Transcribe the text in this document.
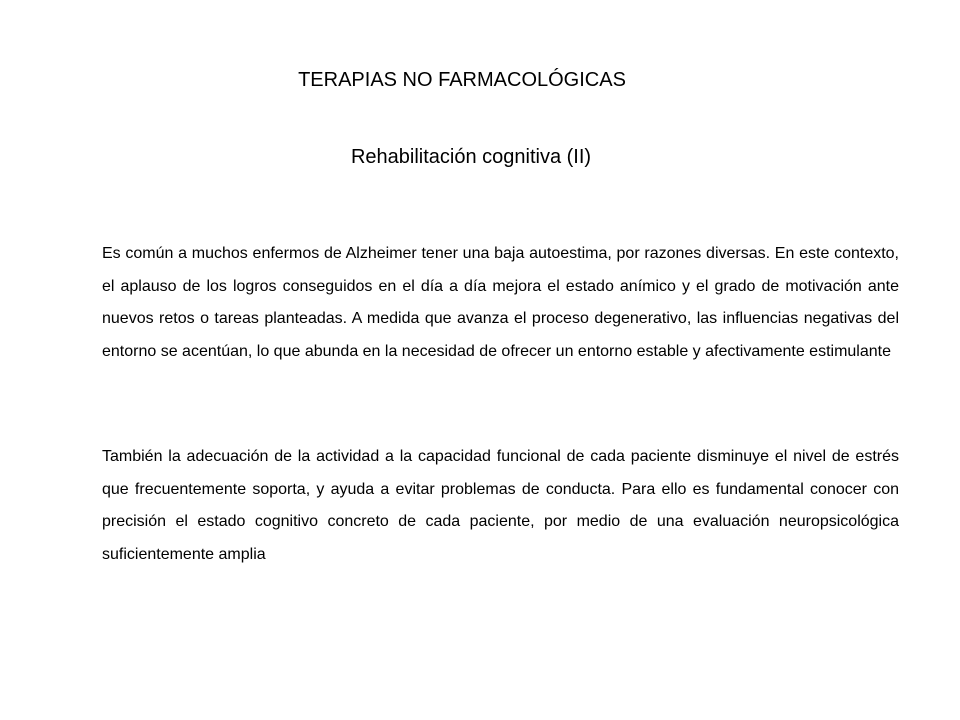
TERAPIAS NO FARMACOLÓGICAS
Rehabilitación cognitiva (II)

Es común a muchos enfermos de Alzheimer tener una baja autoestima, por razones diversas. En este contexto, el aplauso de los logros conseguidos en el día a día mejora el estado anímico y el grado de motivación ante nuevos retos o tareas planteadas. A medida que avanza el proceso degenerativo, las influencias negativas del entorno se acentúan, lo que abunda en la necesidad de ofrecer un entorno estable y afectivamente estimulante

También la adecuación de la actividad a la capacidad funcional de cada paciente disminuye el nivel de estrés que frecuentemente soporta, y ayuda a evitar problemas de conducta. Para ello es fundamental conocer con precisión el estado cognitivo concreto de cada paciente, por medio de una evaluación neuropsicológica suficientemente amplia
